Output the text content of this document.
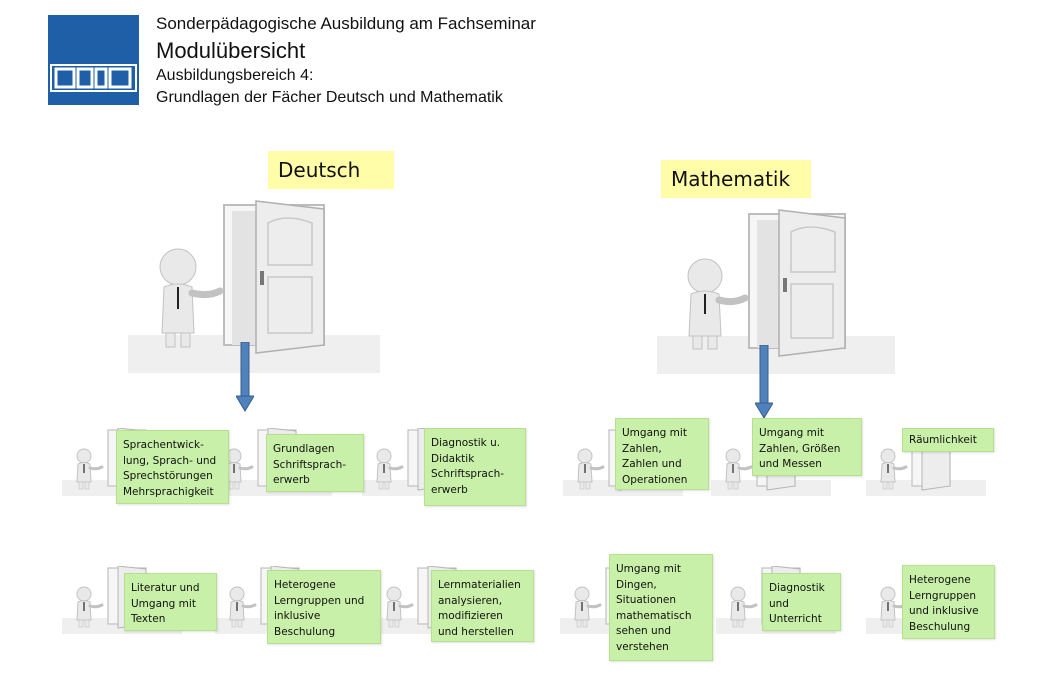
Sonderpädagogische Ausbildung am Fachseminar
Modulübersicht
Ausbildungsbereich 4:
Grundlagen der Fächer Deutsch und Mathematik
Deutsch	Mathematik
Sprachentwick-
lung, Sprach- und
Sprechstörungen
Mehrsprachigkeit
Grundlagen
Schriftsprach-
erwerb
Diagnostik u.
Didaktik
Schriftsprach-
erwerb
Literatur und
Umgang mit
Texten
Heterogene
Lerngruppen und
inklusive
Beschulung
Lernmaterialien
analysieren,
modifizieren
und herstellen
Umgang mit
Zahlen,
Zahlen und
Operationen
Umgang mit
Zahlen, Größen
und Messen
Räumlichkeit
Umgang mit
Dingen,
Situationen
mathematisch
sehen und
verstehen
Diagnostik
und
Unterricht
Heterogene
Lerngruppen
und inklusive
Beschulung
